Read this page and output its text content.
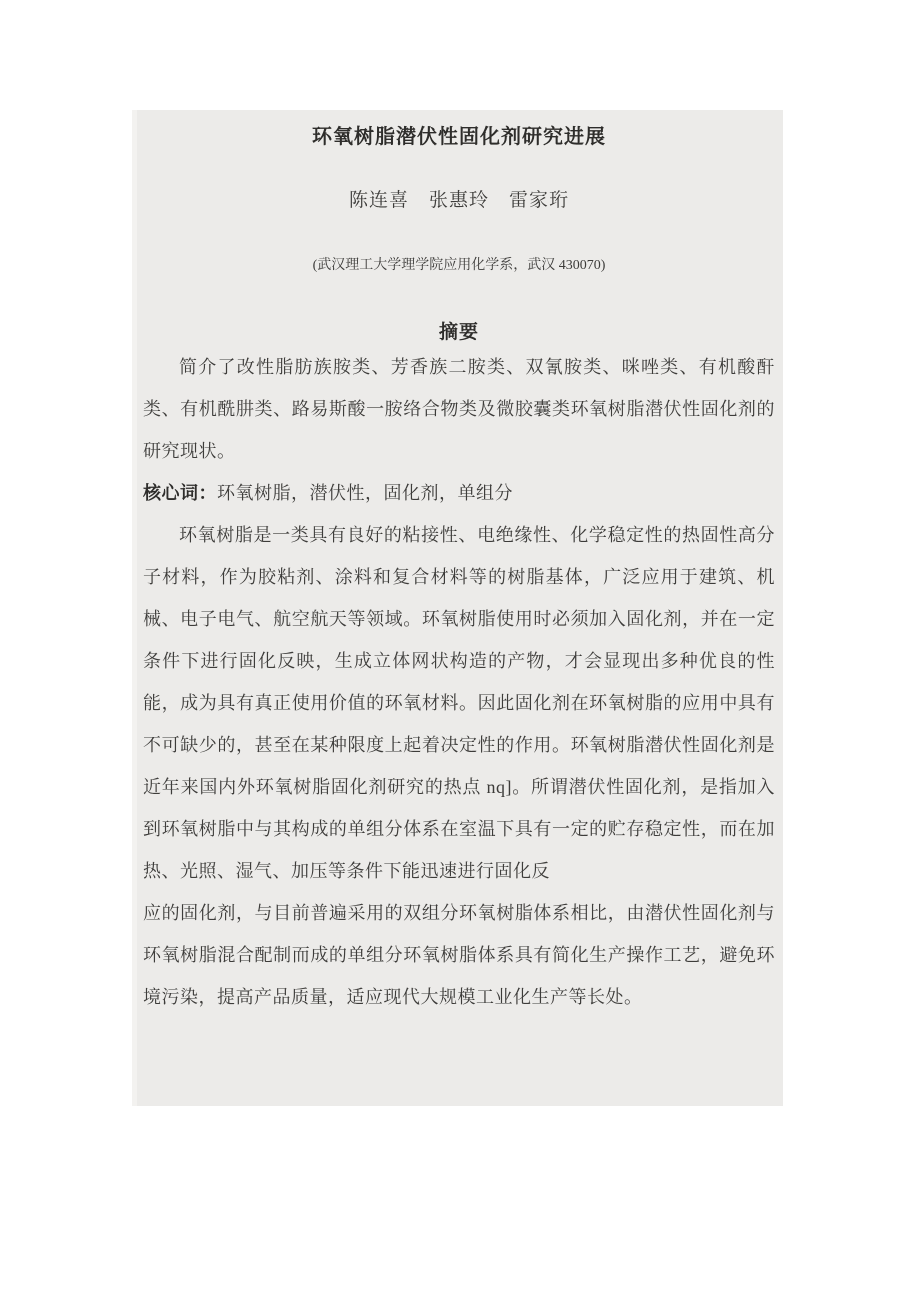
环氧树脂潜伏性固化剂研究进展
陈连喜　张惠玲　雷家珩
(武汉理工大学理学院应用化学系，武汉 430070)
摘要

简介了改性脂肪族胺类、芳香族二胺类、双氰胺类、咪唑类、有机酸酐类、有机酰肼类、路易斯酸一胺络合物类及微胶囊类环氧树脂潜伏性固化剂的研究现状。

核心词：环氧树脂，潜伏性，固化剂，单组分

环氧树脂是一类具有良好的粘接性、电绝缘性、化学稳定性的热固性高分子材料，作为胶粘剂、涂料和复合材料等的树脂基体，广泛应用于建筑、机械、电子电气、航空航天等领域。环氧树脂使用时必须加入固化剂，并在一定条件下进行固化反映，生成立体网状构造的产物，才会显现出多种优良的性能，成为具有真正使用价值的环氧材料。因此固化剂在环氧树脂的应用中具有不可缺少的，甚至在某种限度上起着决定性的作用。环氧树脂潜伏性固化剂是近年来国内外环氧树脂固化剂研究的热点 nq]。所谓潜伏性固化剂，是指加入到环氧树脂中与其构成的单组分体系在室温下具有一定的贮存稳定性，而在加热、光照、湿气、加压等条件下能迅速进行固化反

应的固化剂，与目前普遍采用的双组分环氧树脂体系相比，由潜伏性固化剂与环氧树脂混合配制而成的单组分环氧树脂体系具有简化生产操作工艺，避免环境污染，提高产品质量，适应现代大规模工业化生产等长处。
